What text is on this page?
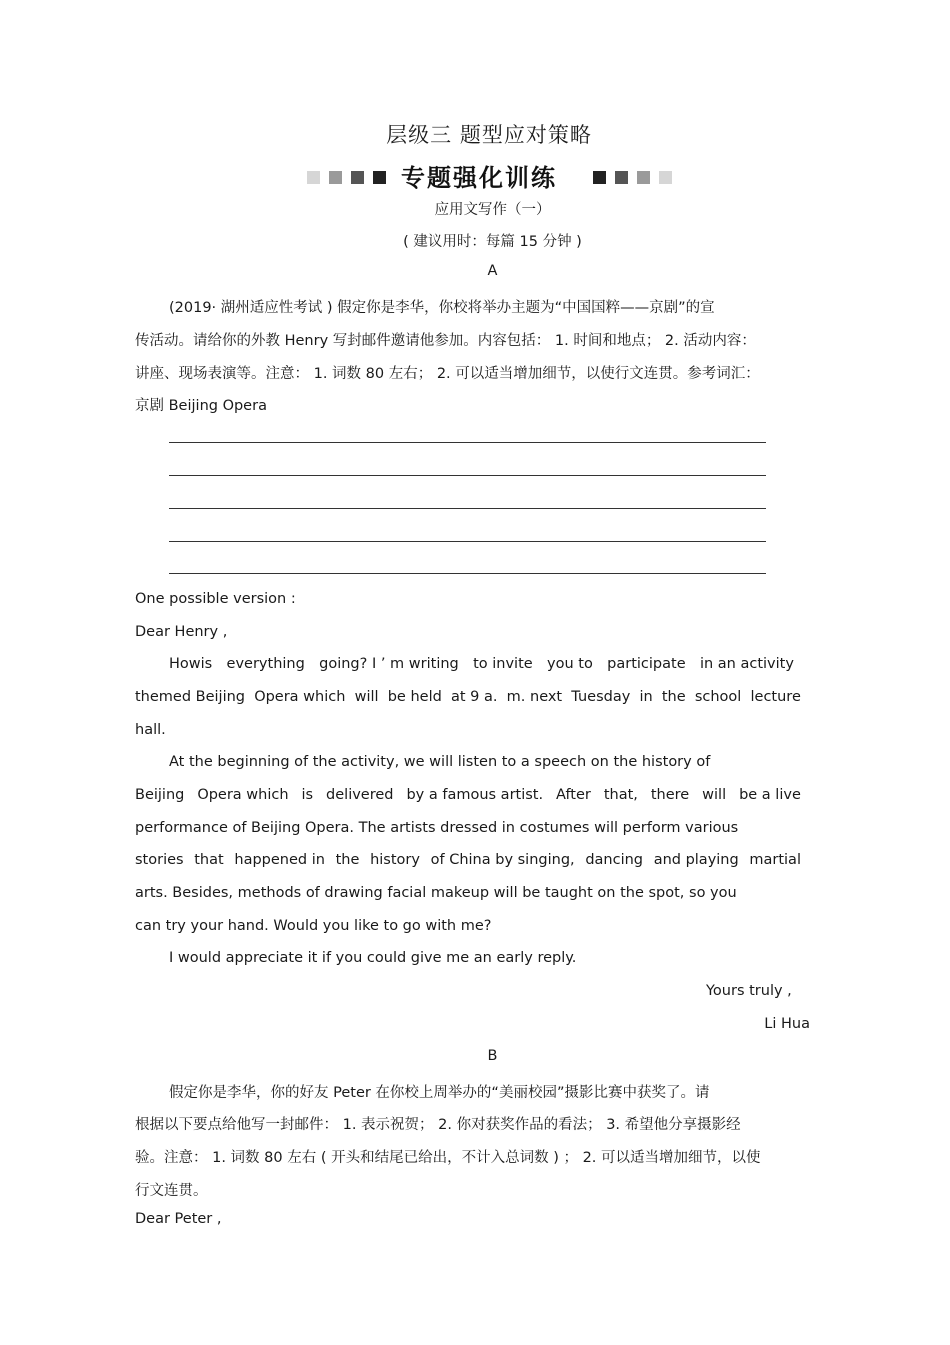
层级三 题型应对策略
专题强化训练
应用文写作（一）
( 建议用时：每篇 15 分钟 )
A
(2019· 湖州适应性考试 ) 假定你是李华，你校将举办主题为“中国国粹——京剧”的宣
传活动。请给你的外教 Henry 写封邮件邀请他参加。内容包括： 1. 时间和地点； 2. 活动内容：
讲座、现场表演等。注意： 1. 词数 80 左右； 2. 可以适当增加细节，以使行文连贯。参考词汇：
京剧 Beijing Opera
One possible version :
Dear Henry ,
Howis everything going? I ’ m writing to invite you to participate in an activity
themed Beijing Opera which will be held at 9 a. m. next Tuesday in the school lecture
hall.
At the beginning of the activity, we will listen to a speech on the history of
Beijing Opera which is delivered by a famous artist. After that, there will be a live
performance of Beijing Opera. The artists dressed in costumes will perform various
stories that happened in the history of China by singing, dancing and playing martial
arts. Besides, methods of drawing facial makeup will be taught on the spot, so you
can try your hand. Would you like to go with me?
I would appreciate it if you could give me an early reply.
Yours truly ,
Li Hua
B
假定你是李华，你的好友 Peter 在你校上周举办的“美丽校园”摄影比赛中获奖了。请
根据以下要点给他写一封邮件： 1. 表示祝贺； 2. 你对获奖作品的看法； 3. 希望他分享摄影经
验。注意： 1. 词数 80 左右 ( 开头和结尾已给出，不计入总词数 ) ； 2. 可以适当增加细节，以使
行文连贯。
Dear Peter ,
